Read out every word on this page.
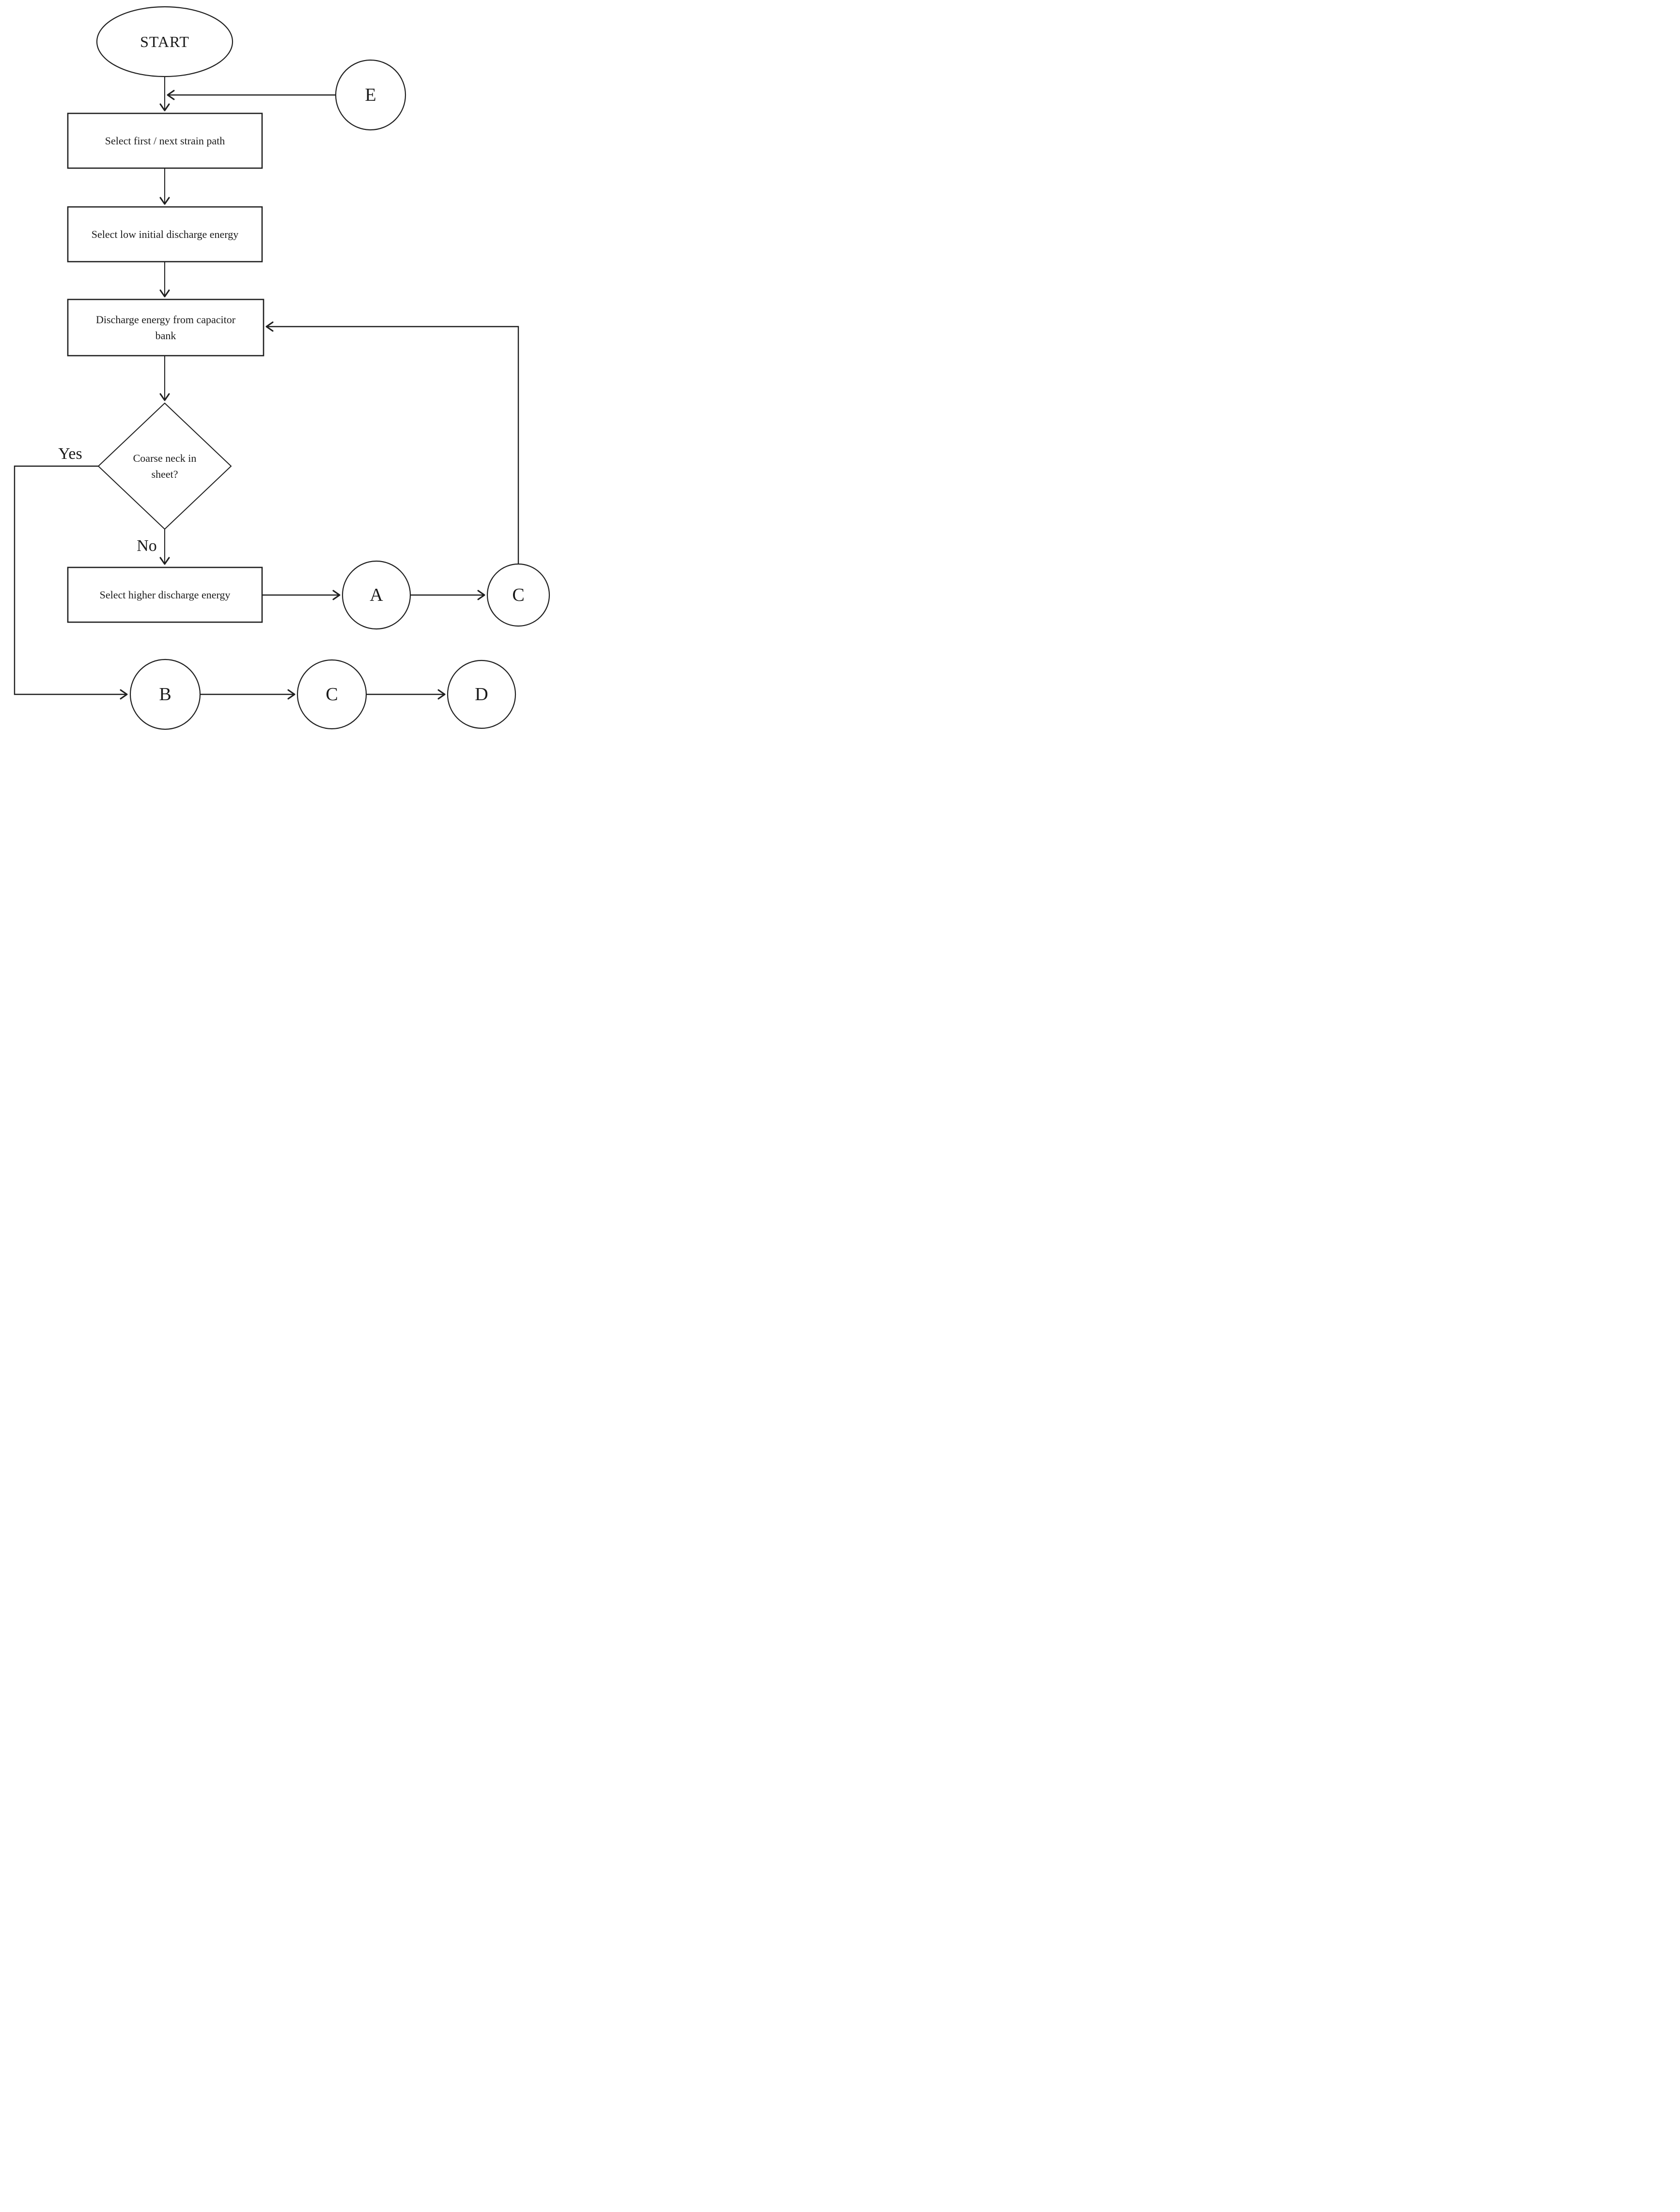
START
E
Select first / next strain path
Select low initial discharge energy
Discharge energy from capacitor bank
Coarse neck in sheet?
Yes
No
Select higher discharge energy	A	C
B	C	D
